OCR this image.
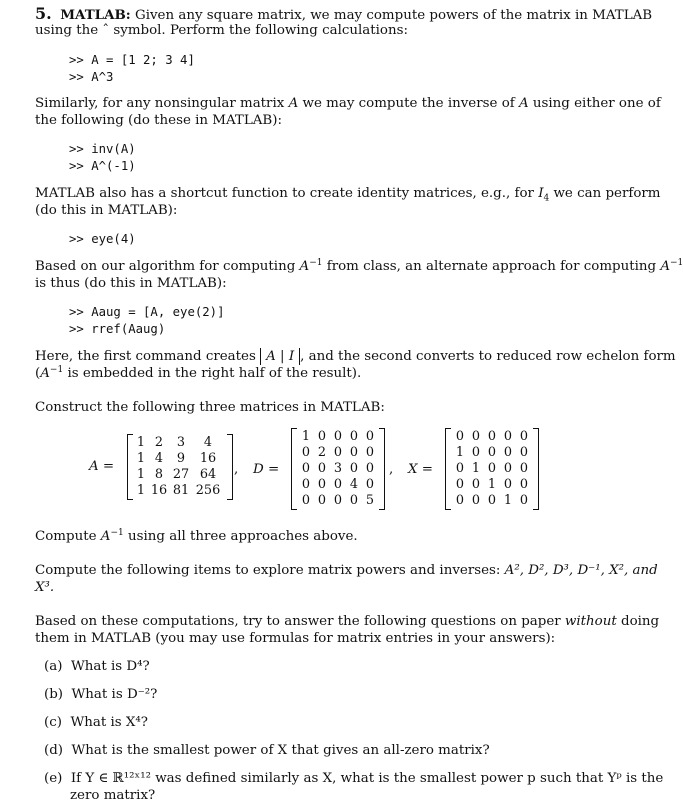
5. MATLAB: Given any square matrix, we may compute powers of the matrix in MATLAB
using the ˆ symbol. Perform the following calculations:
>> A = [1 2; 3 4]
>> A^3
Similarly, for any nonsingular matrix A we may compute the inverse of A using either one of
the following (do these in MATLAB):
>> inv(A)
>> A^(-1)
MATLAB also has a shortcut function to create identity matrices, e.g., for $I_4$ we can perform
(do this in MATLAB):
>> eye(4)
Based on our algorithm for computing $A^{-1}$ from class, an alternate approach for computing $A^{-1}$
is thus (do this in MATLAB):
>> Aaug = [A, eye(2)]
>> rref(Aaug)
Here, the first command creates A | I , and the second converts to reduced row echelon form
($A^{-1}$ is embedded in the right half of the result).
Construct the following three matrices in MATLAB:
A =
1	2	3	4
1	4	9	16
1	8	27	64
1	16	81	256
, D =
1	0	0	0	0
0	2	0	0	0
0	0	3	0	0
0	0	0	4	0
0	0	0	0	5
, X =
0	0	0	0	0
1	0	0	0	0
0	1	0	0	0
0	0	1	0	0
0	0	0	1	0
Compute $A^{-1}$ using all three approaches above.
Compute the following items to explore matrix powers and inverses: A², D², D³, D⁻¹, X², and
X³.
Based on these computations, try to answer the following questions on paper without doing
them in MATLAB (you may use formulas for matrix entries in your answers):
(a) What is D⁴?
(b) What is D⁻²?
(c) What is X⁴?
(d) What is the smallest power of X that gives an all-zero matrix?
(e) If Y ∈ ℝ¹²ˣ¹² was defined similarly as X, what is the smallest power p such that Yᵖ is the
zero matrix?
